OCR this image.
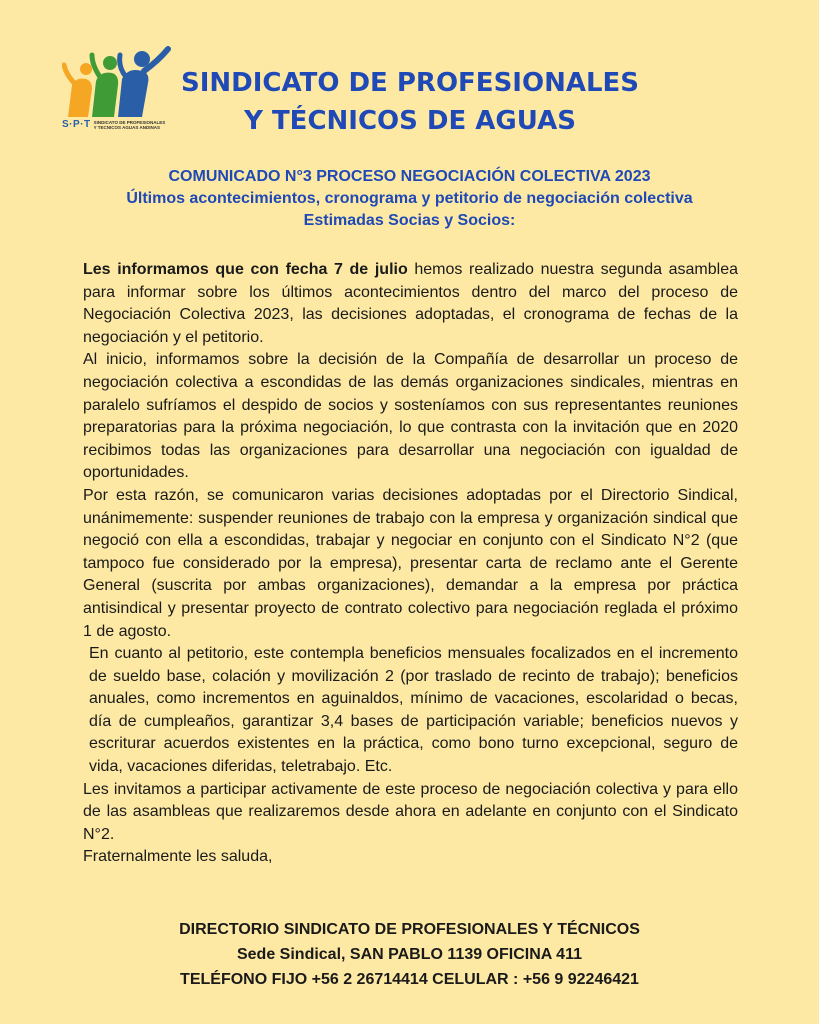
S·P·T SINDICATO DE PROFESIONALES
Y TECNICOS AGUAS ANDINAS
SINDICATO DE PROFESIONALES
Y TÉCNICOS DE AGUAS
COMUNICADO N°3 PROCESO NEGOCIACIÓN COLECTIVA 2023
Últimos acontecimientos, cronograma y petitorio de negociación colectiva
Estimadas Socias y Socios:

Les informamos que con fecha 7 de julio hemos realizado nuestra segunda asamblea para informar sobre los últimos acontecimientos dentro del marco del proceso de Negociación Colectiva 2023, las decisiones adoptadas, el cronograma de fechas de la negociación y el petitorio.

Al inicio, informamos sobre la decisión de la Compañía de desarrollar un proceso de negociación colectiva a escondidas de las demás organizaciones sindicales, mientras en paralelo sufríamos el despido de socios y sosteníamos con sus representantes reuniones preparatorias para la próxima negociación, lo que contrasta con la invitación que en 2020 recibimos todas las organizaciones para desarrollar una negociación con igualdad de oportunidades.

Por esta razón, se comunicaron varias decisiones adoptadas por el Directorio Sindical, unánimemente: suspender reuniones de trabajo con la empresa y organización sindical que negoció con ella a escondidas, trabajar y negociar en conjunto con el Sindicato N°2 (que tampoco fue considerado por la empresa), presentar carta de reclamo ante el Gerente General (suscrita por ambas organizaciones), demandar a la empresa por práctica antisindical y presentar proyecto de contrato colectivo para negociación reglada el próximo 1 de agosto.

En cuanto al petitorio, este contempla beneficios mensuales focalizados en el incremento de sueldo base, colación y movilización 2 (por traslado de recinto de trabajo); beneficios anuales, como incrementos en aguinaldos, mínimo de vacaciones, escolaridad o becas, día de cumpleaños, garantizar 3,4 bases de participación variable; beneficios nuevos y escriturar acuerdos existentes en la práctica, como bono turno excepcional, seguro de vida, vacaciones diferidas, teletrabajo. Etc.

Les invitamos a participar activamente de este proceso de negociación colectiva y para ello de las asambleas que realizaremos desde ahora en adelante en conjunto con el Sindicato N°2.

Fraternalmente les saluda,

DIRECTORIO SINDICATO DE PROFESIONALES Y TÉCNICOS
Sede Sindical, SAN PABLO 1139 OFICINA 411
TELÉFONO FIJO +56 2 26714414 CELULAR : +56 9 92246421
